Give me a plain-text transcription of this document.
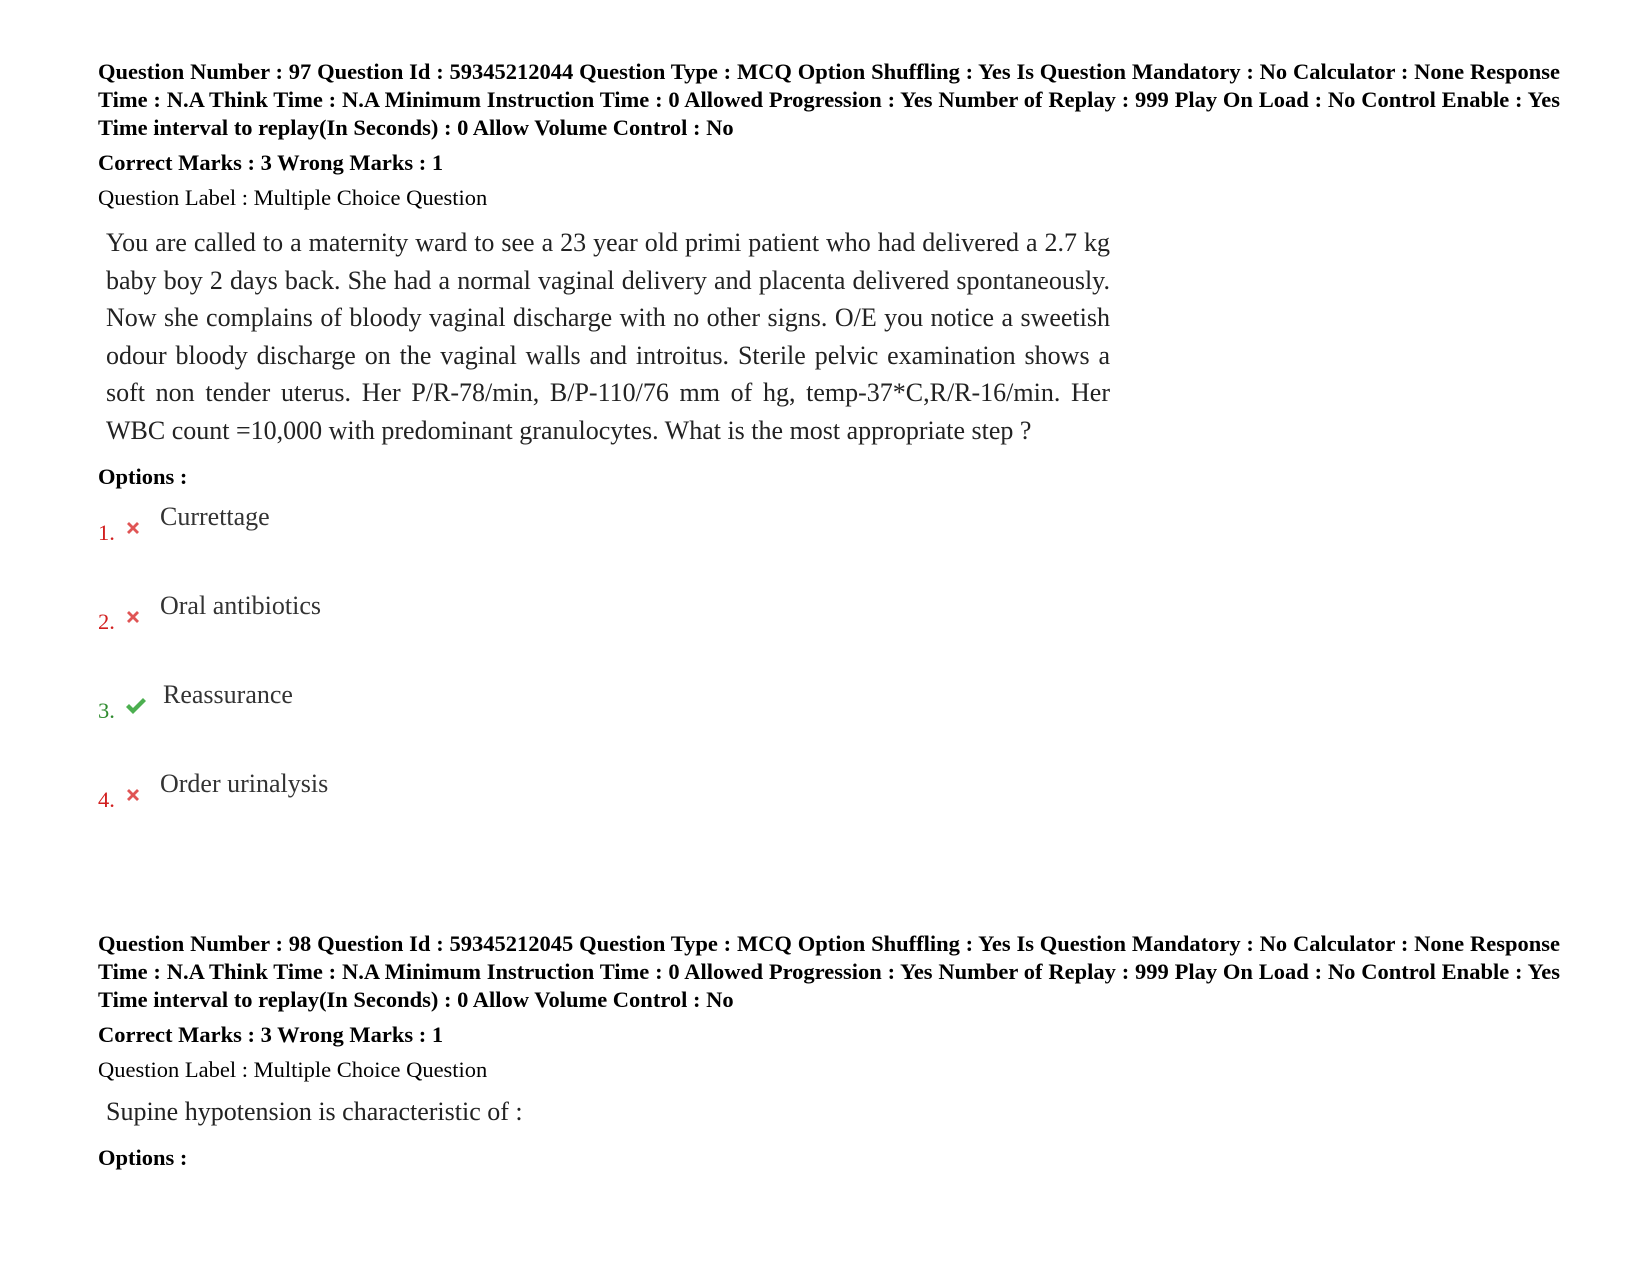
Question Number : 97 Question Id : 59345212044 Question Type : MCQ Option Shuffling : Yes Is Question Mandatory : No Calculator : None Response Time : N.A Think Time : N.A Minimum Instruction Time : 0 Allowed Progression : Yes Number of Replay : 999 Play On Load : No Control Enable : Yes Time interval to replay(In Seconds) : 0 Allow Volume Control : No

Correct Marks : 3 Wrong Marks : 1

Question Label : Multiple Choice Question

You are called to a maternity ward to see a 23 year old primi patient who had delivered a 2.7 kg baby boy 2 days back. She had a normal vaginal delivery and placenta delivered spontaneously. Now she complains of bloody vaginal discharge with no other signs. O/E you notice a sweetish odour bloody discharge on the vaginal walls and introitus. Sterile pelvic examination shows a soft non tender uterus. Her P/R-78/min, B/P-110/76 mm of hg, temp-37*C,R/R-16/min. Her WBC count =10,000 with predominant granulocytes. What is the most appropriate step ?

Options :

1.
Currettage
2.
Oral antibiotics
3.
Reassurance
4.
Order urinalysis

Question Number : 98 Question Id : 59345212045 Question Type : MCQ Option Shuffling : Yes Is Question Mandatory : No Calculator : None Response Time : N.A Think Time : N.A Minimum Instruction Time : 0 Allowed Progression : Yes Number of Replay : 999 Play On Load : No Control Enable : Yes Time interval to replay(In Seconds) : 0 Allow Volume Control : No

Correct Marks : 3 Wrong Marks : 1

Question Label : Multiple Choice Question

Supine hypotension is characteristic of :

Options :
